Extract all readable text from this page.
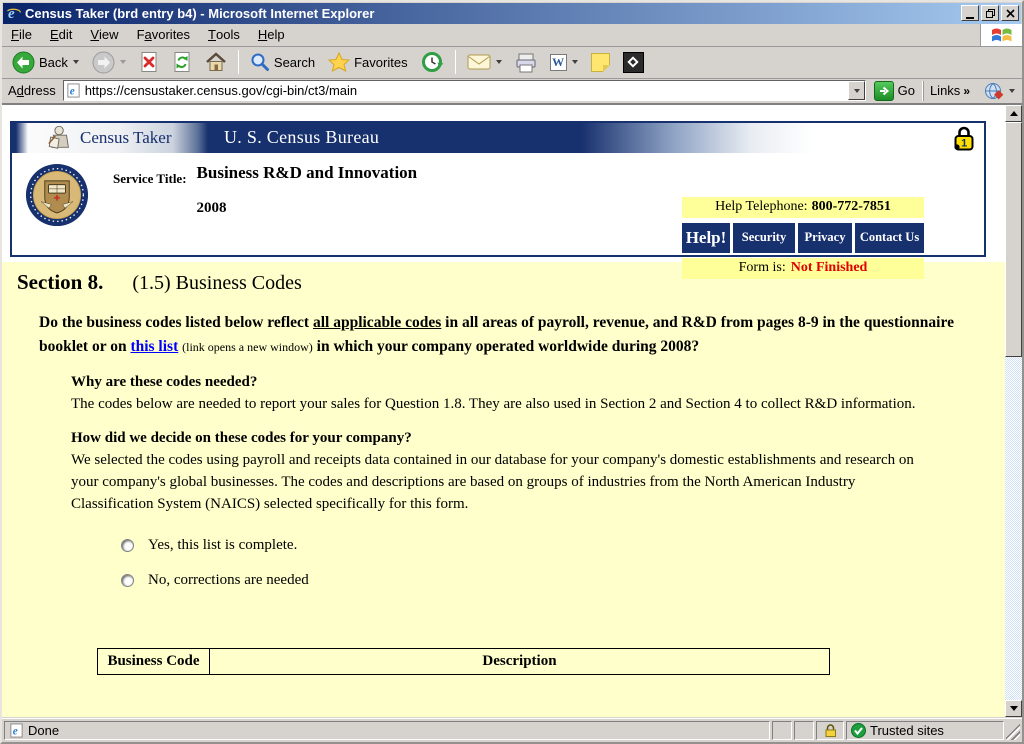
e Census Taker (brd entry b4) - Microsoft Internet Explorer
F ile	E dit	V iew	F a vorites	T ools	H elp
Back	Search	Favorites	W
Address e
https://censustaker.census.gov/cgi-bin/ct3/main	Go Links »
Census Taker	U. S. Census Bureau	1
Service Title: Business R&D and Innovation
2008	Help Telephone: 800-772-7851
Help!	Security	Privacy	Contact Us
Form is: Not Finished
Section 8. (1.5) Business Codes
Do the business codes listed below reflect all applicable codes in all areas of payroll, revenue, and R&D from pages 8-9 in the questionnaire booklet or on this list (link opens a new window) in which your company operated worldwide during 2008?
Why are these codes needed?
The codes below are needed to report your sales for Question 1.8. They are also used in Section 2 and Section 4 to collect R&D information.
How did we decide on these codes for your company?
We selected the codes using payroll and receipts data contained in our database for your company's domestic establishments and research on your company's global businesses. The codes and descriptions are based on groups of industries from the North American Industry Classification System (NAICS) selected specifically for this form.
Yes, this list is complete.
No, corrections are needed
Business Code	Description
e Done	Trusted sites
